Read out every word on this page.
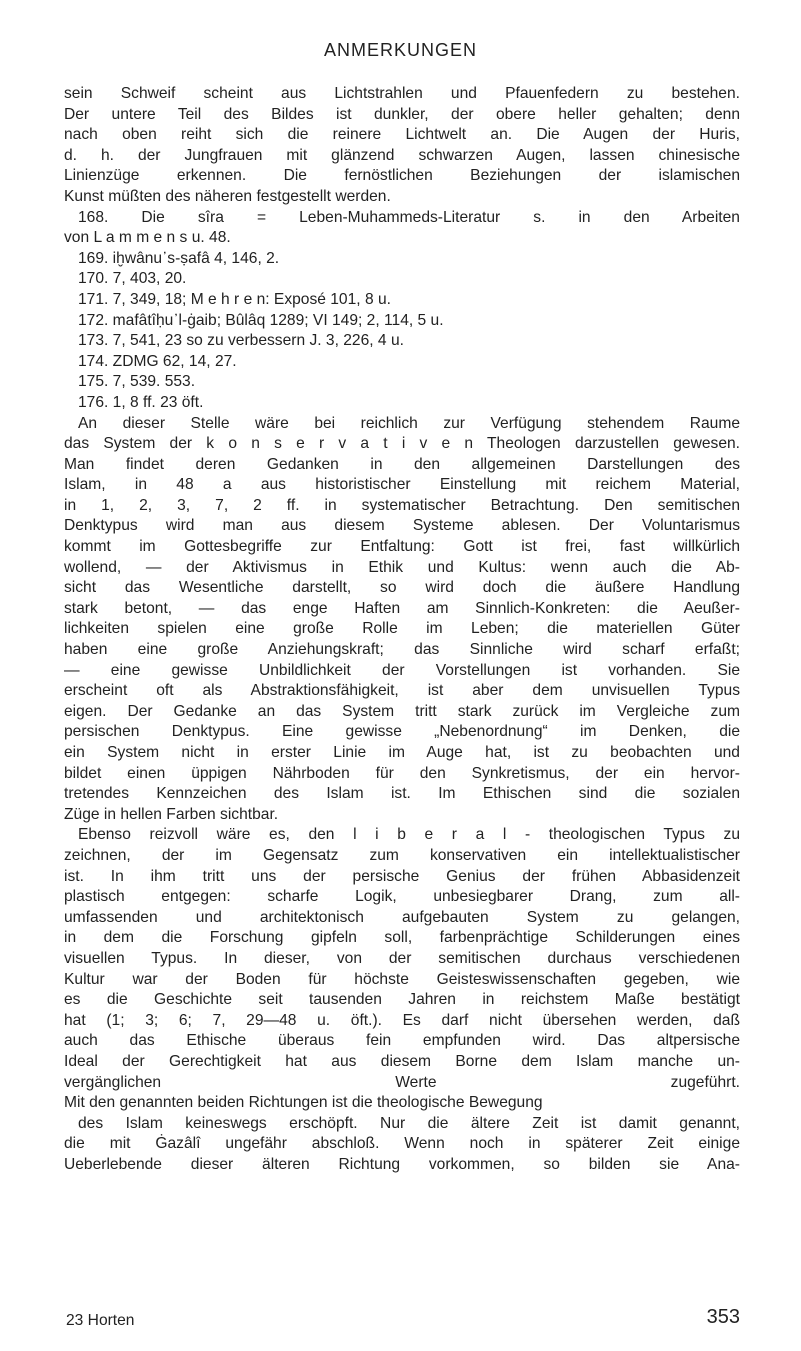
ANMERKUNGEN
sein Schweif scheint aus Lichtstrahlen und Pfauenfedern zu bestehen.
Der untere Teil des Bildes ist dunkler, der obere heller gehalten; denn
nach oben reiht sich die reinere Lichtwelt an. Die Augen der Huris,
d. h. der Jungfrauen mit glänzend schwarzen Augen, lassen chinesische
Linienzüge erkennen. Die fernöstlichen Beziehungen der islamischen
Kunst müßten des näheren festgestellt werden.
168. Die sîra = Leben-Muhammeds-Literatur s. in den Arbeiten
von L a m m e n s u. 48.
169. iḫwânu᾿s-ṣafâ 4, 146, 2.
170. 7, 403, 20.
171. 7, 349, 18; M e h r e n: Exposé 101, 8 u.
172. mafâtîḥu᾿l-ġaib; Bûlâq 1289; VI 149; 2, 114, 5 u.
173. 7, 541, 23 so zu verbessern J. 3, 226, 4 u.
174. ZDMG 62, 14, 27.
175. 7, 539. 553.
176. 1, 8 ff. 23 öft.
An dieser Stelle wäre bei reichlich zur Verfügung stehendem Raume
das System der k o n s e r v a t i v e n Theologen darzustellen gewesen.
Man findet deren Gedanken in den allgemeinen Darstellungen des
Islam, in 48 a aus historistischer Einstellung mit reichem Material,
in 1, 2, 3, 7, 2 ff. in systematischer Betrachtung. Den semitischen
Denktypus wird man aus diesem Systeme ablesen. Der Voluntarismus
kommt im Gottesbegriffe zur Entfaltung: Gott ist frei, fast willkürlich
wollend, — der Aktivismus in Ethik und Kultus: wenn auch die Ab-
sicht das Wesentliche darstellt, so wird doch die äußere Handlung
stark betont, — das enge Haften am Sinnlich-Konkreten: die Aeußer-
lichkeiten spielen eine große Rolle im Leben; die materiellen Güter
haben eine große Anziehungskraft; das Sinnliche wird scharf erfaßt;
— eine gewisse Unbildlichkeit der Vorstellungen ist vorhanden. Sie
erscheint oft als Abstraktionsfähigkeit, ist aber dem unvisuellen Typus
eigen. Der Gedanke an das System tritt stark zurück im Vergleiche zum
persischen Denktypus. Eine gewisse „Nebenordnung“ im Denken, die
ein System nicht in erster Linie im Auge hat, ist zu beobachten und
bildet einen üppigen Nährboden für den Synkretismus, der ein hervor-
tretendes Kennzeichen des Islam ist. Im Ethischen sind die sozialen
Züge in hellen Farben sichtbar.
Ebenso reizvoll wäre es, den l i b e r a l - theologischen Typus zu
zeichnen, der im Gegensatz zum konservativen ein intellektualistischer
ist. In ihm tritt uns der persische Genius der frühen Abbasidenzeit
plastisch entgegen: scharfe Logik, unbesiegbarer Drang, zum all-
umfassenden und architektonisch aufgebauten System zu gelangen,
in dem die Forschung gipfeln soll, farbenprächtige Schilderungen eines
visuellen Typus. In dieser, von der semitischen durchaus verschiedenen
Kultur war der Boden für höchste Geisteswissenschaften gegeben, wie
es die Geschichte seit tausenden Jahren in reichstem Maße bestätigt
hat (1; 3; 6; 7, 29—48 u. öft.). Es darf nicht übersehen werden, daß
auch das Ethische überaus fein empfunden wird. Das altpersische
Ideal der Gerechtigkeit hat aus diesem Borne dem Islam manche un-
vergänglichen Werte zugeführt.
Mit den genannten beiden Richtungen ist die theologische Bewegung
des Islam keineswegs erschöpft. Nur die ältere Zeit ist damit genannt,
die mit Ġazâlî ungefähr abschloß. Wenn noch in späterer Zeit einige
Ueberlebende dieser älteren Richtung vorkommen, so bilden sie Ana-
23 Horten	353
